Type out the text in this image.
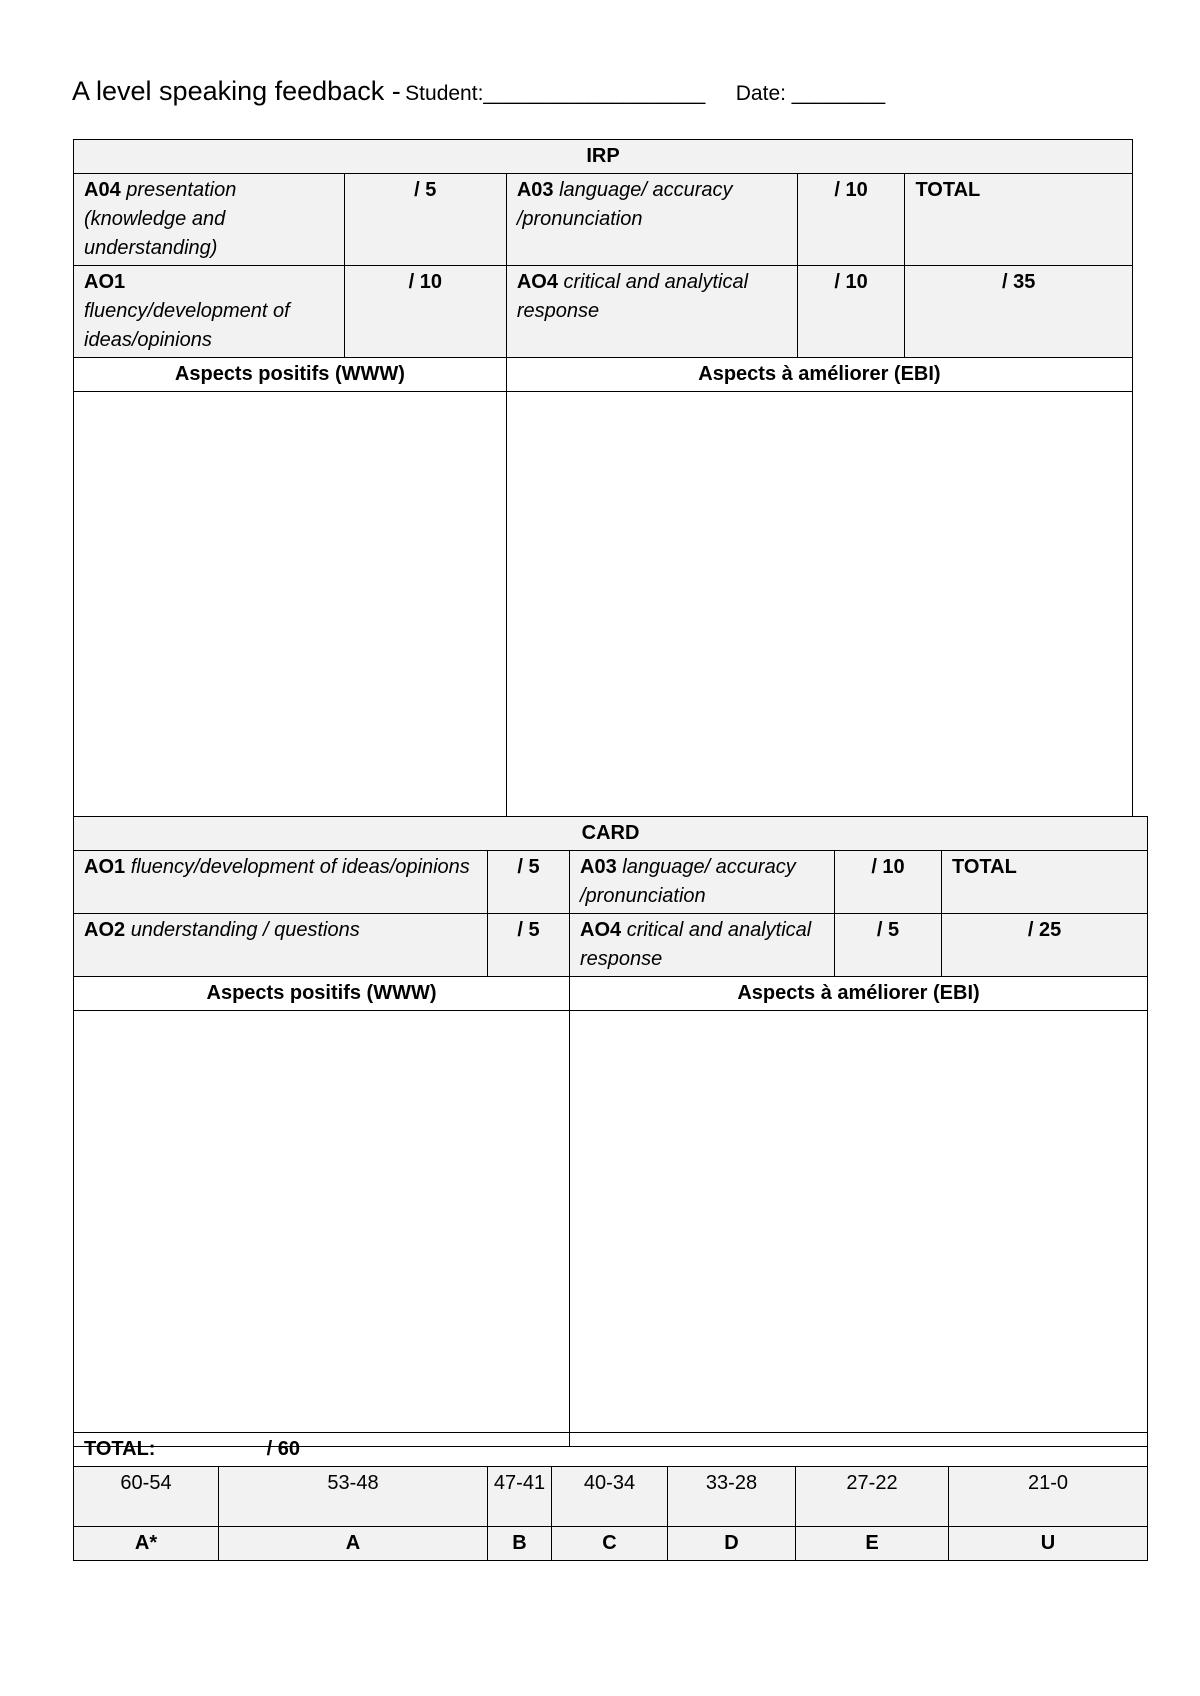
A level speaking feedback - Student:___________________ Date: ________
IRP				
A04 presentation (knowledge and understanding)	/ 5	A03 language/ accuracy /pronunciation	/ 10	TOTAL
AO1
fluency/development of ideas/opinions	/ 10	AO4 critical and analytical response	/ 10	/ 35
Aspects positifs (WWW)		Aspects à améliorer (EBI)		

CARD				
AO1 fluency/development of ideas/opinions	/ 5	A03 language/ accuracy /pronunciation	/ 10	TOTAL
AO2 understanding / questions	/ 5	AO4 critical and analytical response	/ 5	/ 25
Aspects positifs (WWW)		Aspects à améliorer (EBI)		

TOTAL: / 60						
60-54	53-48	47-41	40-34	33-28	27-22	21-0
A*	A	B	C	D	E	U
